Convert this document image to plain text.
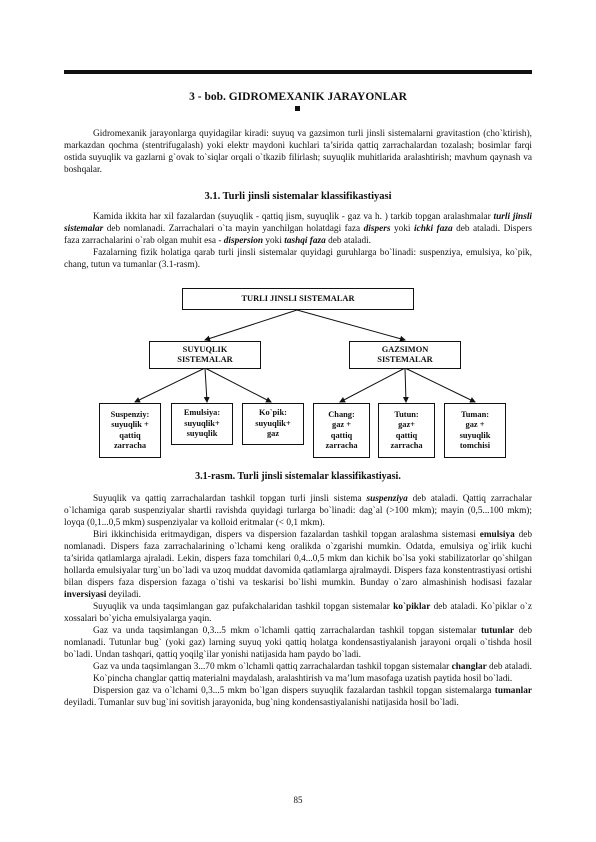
3 - bob. GIDROMEXANIK JARAYONLAR

Gidromexanik jarayonlarga quyidagilar kiradi: suyuq va gazsimon turli jinsli sistemalarni gravitastion (cho`ktirish), markazdan qochma (stentrifugalash) yoki elektr maydoni kuchlari ta’sirida qattiq zarrachalardan tozalash; bosimlar farqi ostida suyuqlik va gazlarni g`ovak to`siqlar orqali o`tkazib filirlash; suyuqlik muhitlarida aralashtirish; mavhum qaynash va boshqalar.

3.1. Turli jinsli sistemalar klassifikastiyasi

Kamida ikkita har xil fazalardan (suyuqlik - qattiq jism, suyuqlik - gaz va h. ) tarkib topgan aralashmalar turli jinsli sistemalar deb nomlanadi. Zarrachalari o`ta mayin yanchilgan holatdagi faza dispers yoki ichki faza deb ataladi. Dispers faza zarrachalarini o`rab olgan muhit esa - dispersion yoki tashqi faza deb ataladi.

Fazalarning fizik holatiga qarab turli jinsli sistemalar quyidagi guruhlarga bo`linadi: suspenziya, emulsiya, ko`pik, chang, tutun va tumanlar (3.1-rasm).

TURLI JINSLI SISTEMALAR
SUYUQLIK
SISTEMALAR
GAZSIMON
SISTEMALAR
Suspenziy:
suyuqlik +
qattiq
zarracha
Emulsiya:
suyuqlik+
suyuqlik
Ko`pik:
suyuqlik+
gaz
Chang:
gaz +
qattiq
zarracha
Tutun:
gaz+
qattiq
zarracha
Tuman:
gaz +
suyuqlik
tomchisi
3.1-rasm. Turli jinsli sistemalar klassifikastiyasi.

Suyuqlik va qattiq zarrachalardan tashkil topgan turli jinsli sistema suspenziya deb ataladi. Qattiq zarrachalar o`lchamiga qarab suspenziyalar shartli ravishda quyidagi turlarga bo`linadi: dag`al (>100 mkm); mayin (0,5...100 mkm); loyqa (0,1...0,5 mkm) suspenziyalar va kolloid eritmalar (< 0,1 mkm).

Biri ikkinchisida eritmaydigan, dispers va dispersion fazalardan tashkil topgan aralashma sistemasi emulsiya deb nomlanadi. Dispers faza zarrachalarining o`lchami keng oralikda o`zgarishi mumkin. Odatda, emulsiya og`irlik kuchi ta’sirida qatlamlarga ajraladi. Lekin, dispers faza tomchilari 0,4...0,5 mkm dan kichik bo`lsa yoki stabilizatorlar qo`shilgan hollarda emulsiyalar turg`un bo`ladi va uzoq muddat davomida qatlamlarga ajralmaydi. Dispers faza konstentrastiyasi ortishi bilan dispers faza dispersion fazaga o`tishi va teskarisi bo`lishi mumkin. Bunday o`zaro almashinish hodisasi fazalar inversiyasi deyiladi.

Suyuqlik va unda taqsimlangan gaz pufakchalaridan tashkil topgan sistemalar ko`piklar deb ataladi. Ko`piklar o`z xossalari bo`yicha emulsiyalarga yaqin.

Gaz va unda taqsimlangan 0,3...5 mkm o`lchamli qattiq zarrachalardan tashkil topgan sistemalar tutunlar deb nomlanadi. Tutunlar bug` (yoki gaz) larning suyuq yoki qattiq holatga kondensastiyalanish jarayoni orqali o`tishda hosil bo`ladi. Undan tashqari, qattiq yoqilg`ilar yonishi natijasida ham paydo bo`ladi.

Gaz va unda taqsimlangan 3...70 mkm o`lchamli qattiq zarrachalardan tashkil topgan sistemalar changlar deb ataladi.

Ko`pincha changlar qattiq materialni maydalash, aralashtirish va ma’lum masofaga uzatish paytida hosil bo`ladi.

Dispersion gaz va o`lchami 0,3...5 mkm bo`lgan dispers suyuqlik fazalardan tashkil topgan sistemalarga tumanlar deyiladi. Tumanlar suv bug`ini sovitish jarayonida, bug`ning kondensastiyalanishi natijasida hosil bo`ladi.

85
